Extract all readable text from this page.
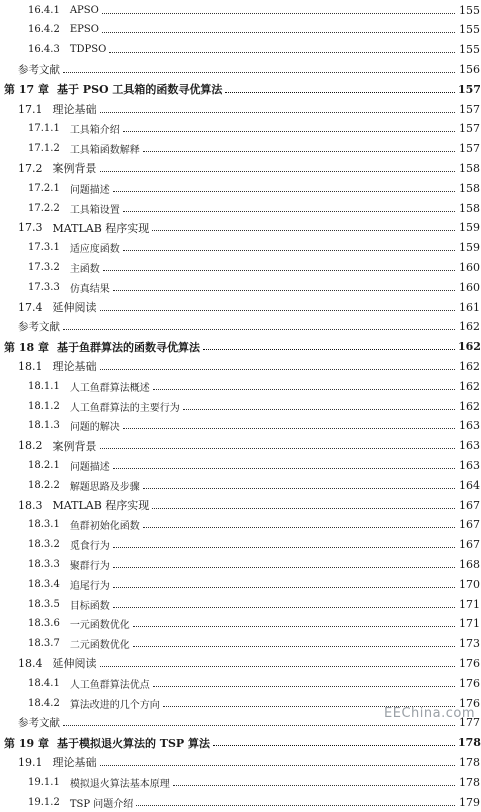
16.4.1 APSO	155
16.4.2 EPSO	155
16.4.3 TDPSO	155
参考文献	156
第 17 章 基于 PSO 工具箱的函数寻优算法	157
17.1 理论基础	157
17.1.1 工具箱介绍	157
17.1.2 工具箱函数解释	157
17.2 案例背景	158
17.2.1 问题描述	158
17.2.2 工具箱设置	158
17.3 MATLAB 程序实现	159
17.3.1 适应度函数	159
17.3.2 主函数	160
17.3.3 仿真结果	160
17.4 延伸阅读	161
参考文献	162
第 18 章 基于鱼群算法的函数寻优算法	162
18.1 理论基础	162
18.1.1 人工鱼群算法概述	162
18.1.2 人工鱼群算法的主要行为	162
18.1.3 问题的解决	163
18.2 案例背景	163
18.2.1 问题描述	163
18.2.2 解题思路及步骤	164
18.3 MATLAB 程序实现	167
18.3.1 鱼群初始化函数	167
18.3.2 觅食行为	167
18.3.3 聚群行为	168
18.3.4 追尾行为	170
18.3.5 目标函数	171
18.3.6 一元函数优化	171
18.3.7 二元函数优化	173
18.4 延伸阅读	176
18.4.1 人工鱼群算法优点	176
18.4.2 算法改进的几个方向	176
参考文献	177
第 19 章 基于模拟退火算法的 TSP 算法	178
19.1 理论基础	178
19.1.1 模拟退火算法基本原理	178
19.1.2 TSP 问题介绍	179
EEChina.com
